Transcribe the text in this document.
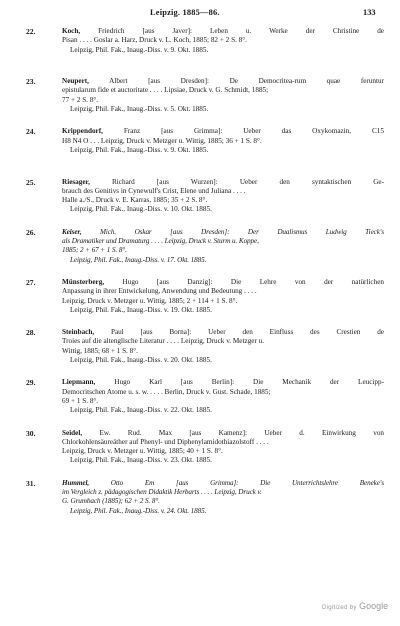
Leipzig. 1885—86.	133
22.	Koch, Friedrich [aus Javer]: Leben u. Werke der Christine de
Pisan . . . . Goslar a. Harz, Druck v. L. Koch, 1885; 82 + 2 S. 8°.
Leipzig, Phil. Fak., Inaug.-Diss. v. 9. Okt. 1885.
23.	Neupert,	Albert [aus Dresden]: De Democritea-rum quae feruntur
epistularum fide et auctoritate . . . . Lipsiae, Druck v. G. Schmidt, 1885;
77 + 2 S. 8°.
Leipzig, Phil. Fak., Inaug.-Diss. v. 5. Okt. 1885.
24.	Krippendorf,	Franz [aus Grimma]: Ueber das Oxykomazin, C15
H8 N4 O . . . Leipzig, Druck v. Metzger u. Wittig, 1885; 36 + 1 S. 8°.
Leipzig, Phil. Fak., Inaug.-Diss. v. 9. Okt. 1885.
25.	Riesager,	Richard [aus Wurzen]: Ueber den syntaktischen Ge-
brauch des Genitivs in Cynewulf's Crist, Elene und Juliana . . . .
Halle a./S., Druck v. E. Karras, 1885; 35 + 2 S. 8°.
Leipzig, Phil. Fak., Inaug.-Diss. v. 10. Okt. 1885.
26.	Keiser,	Mich. Oskar [aus Dresden]: Der Dualismus Ludwig Tieck's
als Dramatiker und Dramaturg . . . . Leipzig, Druck v. Sturm u. Koppe,
1885; 2 + 67 + 1 S. 8°.
Leipzig, Phil. Fak., Inaug.-Diss. v. 17. Okt. 1885.
27.	Münsterberg,	Hugo [aus Danzig]: Die Lehre von der natürlichen
Anpassung in ihrer Entwickelung, Anwendung und Bedeutung . . . .
Leipzig, Druck v. Metzger u. Wittig, 1885; 2 + 114 + 1 S. 8°.
Leipzig, Phil. Fak., Inaug.-Diss. v. 19. Okt. 1885.
28.	Steinbach, Paul [aus Borna]: Ueber den Einfluss des Crestien de
Troies auf die altenglische Literatur . . . . Leipzig, Druck v. Metzger u.
Wittig, 1885; 68 + 1 S. 8°.
Leipzig, Phil. Fak., Inaug.-Diss. v. 20. Okt. 1885.
29.	Liepmann,	Hugo Karl [aus Berlin]: Die Mechanik der Leucipp-
Democritschen Atome u. s. w. . . . . Berlin, Druck v. Gust. Schade, 1885;
69 + 1 S. 8°.
Leipzig, Phil. Fak., Inaug.-Diss. v. 22. Okt. 1885.
30.	Seidel, Ew. Rud. Max [aus Kamenz]: Ueber d. Einwirkung von
Chlorkohlensäureäther auf Phenyl- und Diphenylamidothiazolstoff . . . .
Leipzig, Druck v. Metzger u. Wittig, 1885; 40 + 1 S. 8°.
Leipzig, Phil. Fak., Inaug.-Diss. v. 23. Okt. 1885.
31.	Hummel,	Otto Em [aus Grimma]: Die Unterrichtslehre Beneke's
im Vergleich z. pädagogischen Didaktik Herbarts . . . . Leipzig, Druck v.
G. Grumbach (1885); 62 + 2 S. 8°.
Leipzig, Phil. Fak., Inaug.-Diss. v. 24. Okt. 1885.
Digitized by Google
